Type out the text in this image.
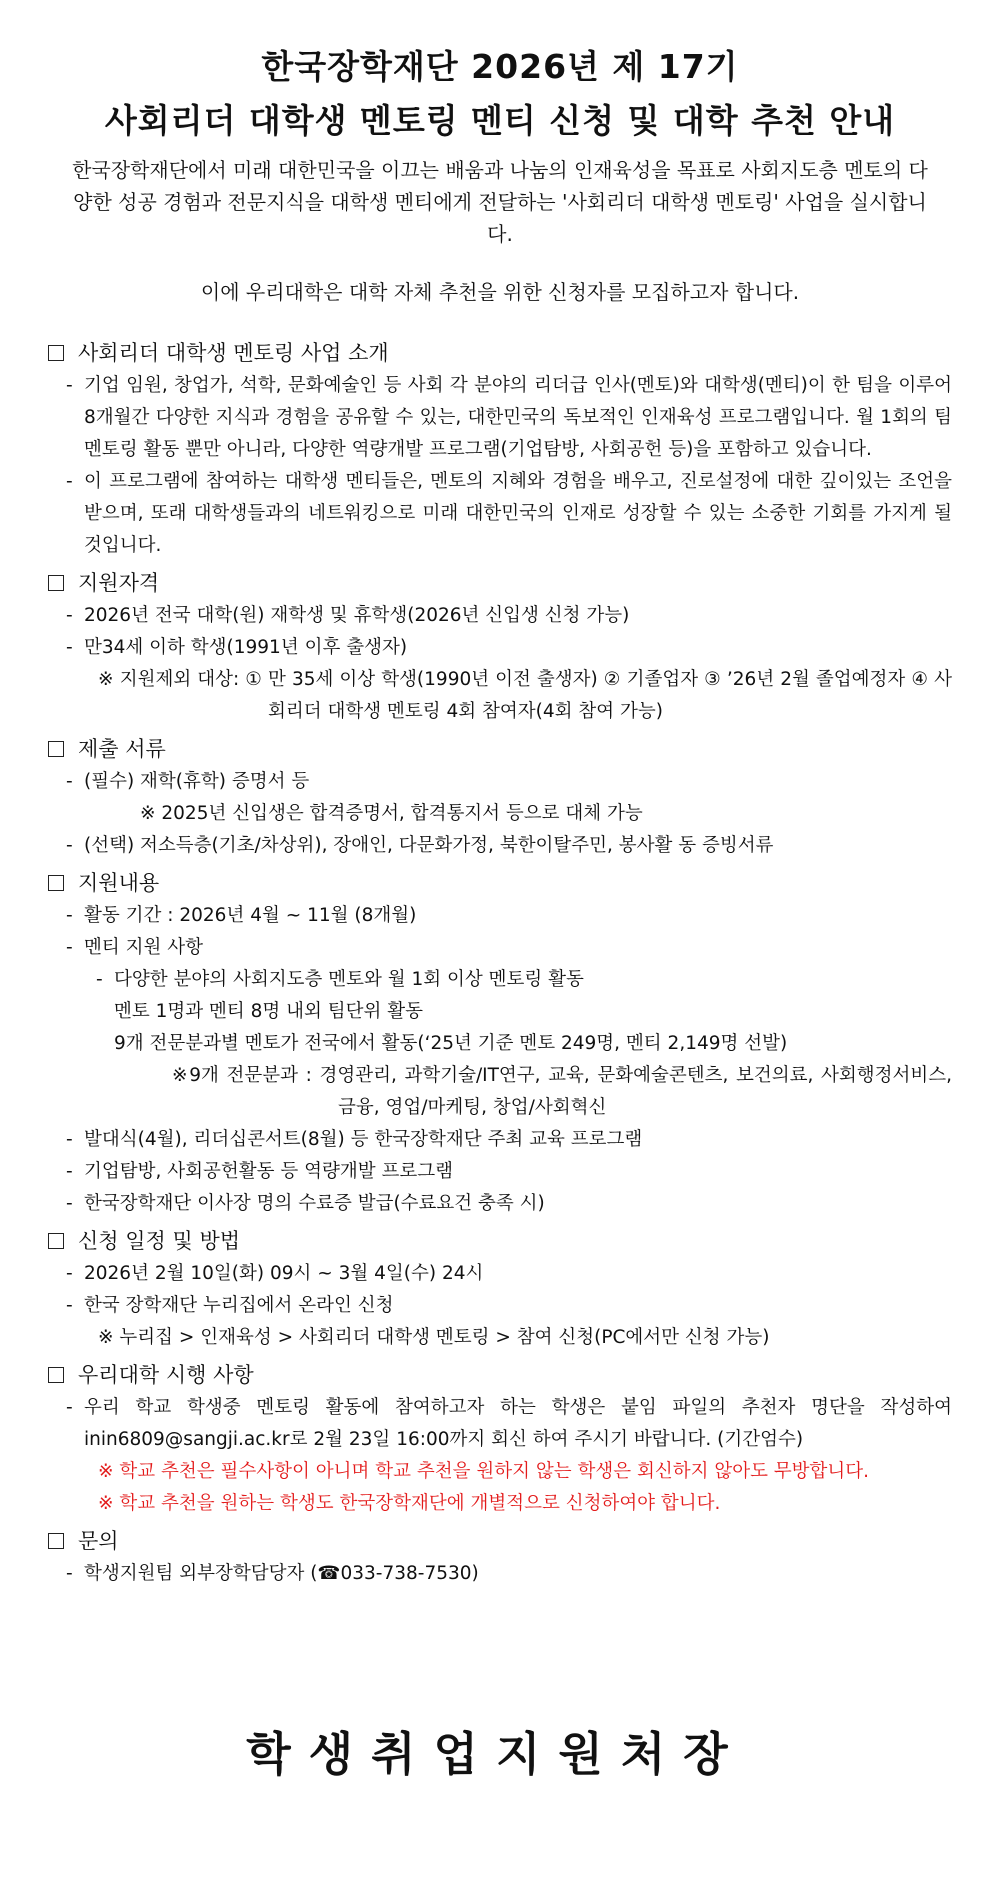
한국장학재단 2026년 제 17기
사회리더 대학생 멘토링 멘티 신청 및 대학 추천 안내
한국장학재단에서 미래 대한민국을 이끄는 배움과 나눔의 인재육성을 목표로 사회지도층 멘토의 다양한 성공 경험과 전문지식을 대학생 멘티에게 전달하는 '사회리더 대학생 멘토링' 사업을 실시합니다.
이에 우리대학은 대학 자체 추천을 위한 신청자를 모집하고자 합니다.
사회리더 대학생 멘토링 사업 소개
- 기업 임원, 창업가, 석학, 문화예술인 등 사회 각 분야의 리더급 인사(멘토)와 대학생(멘티)이 한 팀을 이루어 8개월간 다양한 지식과 경험을 공유할 수 있는, 대한민국의 독보적인 인재육성 프로그램입니다. 월 1회의 팀멘토링 활동 뿐만 아니라, 다양한 역량개발 프로그램(기업탐방, 사회공헌 등)을 포함하고 있습니다.
- 이 프로그램에 참여하는 대학생 멘티들은, 멘토의 지혜와 경험을 배우고, 진로설정에 대한 깊이있는 조언을 받으며, 또래 대학생들과의 네트워킹으로 미래 대한민국의 인재로 성장할 수 있는 소중한 기회를 가지게 될 것입니다.
지원자격
- 2026년 전국 대학(원) 재학생 및 휴학생(2026년 신입생 신청 가능)
- 만34세 이하 학생(1991년 이후 출생자)
※ 지원제외 대상: ① 만 35세 이상 학생(1990년 이전 출생자) ② 기졸업자 ③ ’26년 2월 졸업예정자 ④ 사회리더 대학생 멘토링 4회 참여자(4회 참여 가능)
제출 서류
- (필수) 재학(휴학) 증명서 등
※ 2025년 신입생은 합격증명서, 합격통지서 등으로 대체 가능
- (선택) 저소득층(기초/차상위), 장애인, 다문화가정, 북한이탈주민, 봉사활 동 증빙서류
지원내용
- 활동 기간 : 2026년 4월 ~ 11월 (8개월)
- 멘티 지원 사항
- 다양한 분야의 사회지도층 멘토와 월 1회 이상 멘토링 활동
멘토 1명과 멘티 8명 내외 팀단위 활동
9개 전문분과별 멘토가 전국에서 활동(‘25년 기준 멘토 249명, 멘티 2,149명 선발)
※9개 전문분과 : 경영관리, 과학기술/IT연구, 교육, 문화예술콘텐츠, 보건의료, 사회행정서비스, 금융, 영업/마케팅, 창업/사회혁신
- 발대식(4월), 리더십콘서트(8월) 등 한국장학재단 주최 교육 프로그램
- 기업탐방, 사회공헌활동 등 역량개발 프로그램
- 한국장학재단 이사장 명의 수료증 발급(수료요건 충족 시)
신청 일정 및 방법
- 2026년 2월 10일(화) 09시 ~ 3월 4일(수) 24시
- 한국 장학재단 누리집에서 온라인 신청
※ 누리집 > 인재육성 > 사회리더 대학생 멘토링 > 참여 신청(PC에서만 신청 가능)
우리대학 시행 사항
- 우리 학교 학생중 멘토링 활동에 참여하고자 하는 학생은 붙임 파일의 추천자 명단을 작성하여 inin6809@sangji.ac.kr로 2월 23일 16:00까지 회신 하여 주시기 바랍니다. (기간엄수)
※ 학교 추천은 필수사항이 아니며 학교 추천을 원하지 않는 학생은 회신하지 않아도 무방합니다.
※ 학교 추천을 원하는 학생도 한국장학재단에 개별적으로 신청하여야 합니다.
문의
- 학생지원팀 외부장학담당자 (☎033-738-7530)
학생취업지원처장
